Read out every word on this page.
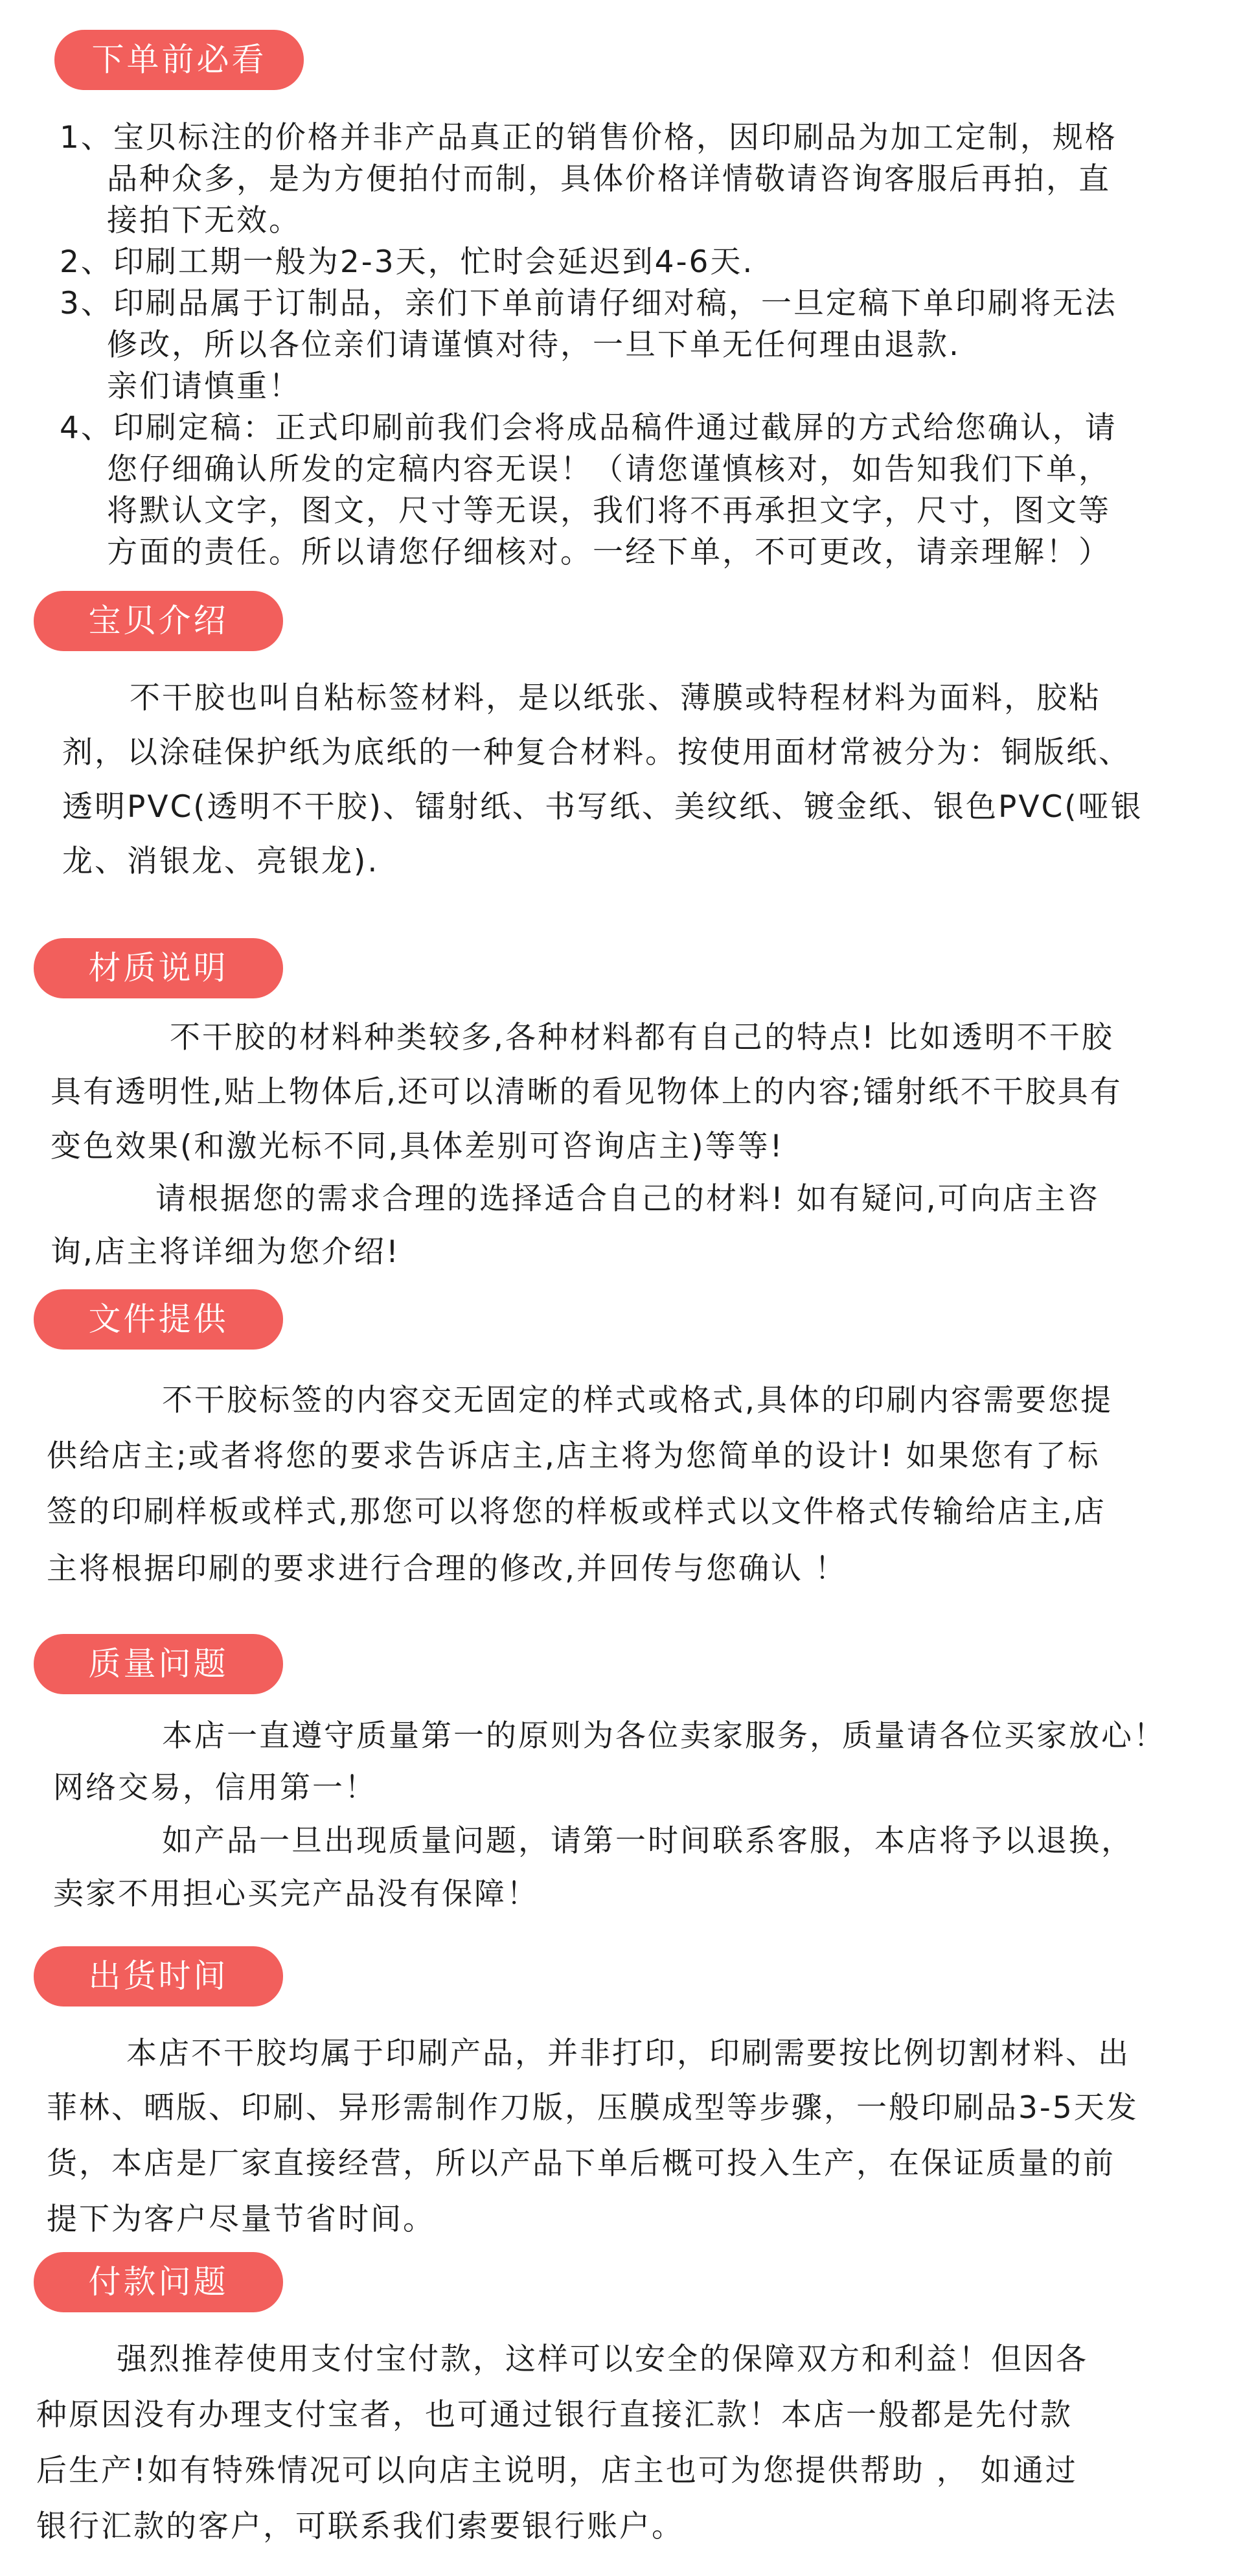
下单前必看
1、宝贝标注的价格并非产品真正的销售价格，因印刷品为加工定制，规格
品种众多，是为方便拍付而制，具体价格详情敬请咨询客服后再拍，直
接拍下无效。
2、印刷工期一般为2-3天，忙时会延迟到4-6天.
3、印刷品属于订制品，亲们下单前请仔细对稿，一旦定稿下单印刷将无法
修改，所以各位亲们请谨慎对待，一旦下单无任何理由退款.
亲们请慎重！
4、印刷定稿：正式印刷前我们会将成品稿件通过截屏的方式给您确认，请
您仔细确认所发的定稿内容无误！（请您谨慎核对，如告知我们下单，
将默认文字，图文，尺寸等无误，我们将不再承担文字，尺寸，图文等
方面的责任。所以请您仔细核对。一经下单，不可更改，请亲理解！）
宝贝介绍
不干胶也叫自粘标签材料，是以纸张、薄膜或特程材料为面料，胶粘
剂，以涂硅保护纸为底纸的一种复合材料。按使用面材常被分为：铜版纸、
透明PVC(透明不干胶)、镭射纸、书写纸、美纹纸、镀金纸、银色PVC(哑银
龙、消银龙、亮银龙).
材质说明
不干胶的材料种类较多,各种材料都有自己的特点! 比如透明不干胶
具有透明性,贴上物体后,还可以清晰的看见物体上的内容;镭射纸不干胶具有
变色效果(和激光标不同,具体差别可咨询店主)等等!
请根据您的需求合理的选择适合自己的材料! 如有疑问,可向店主咨
询,店主将详细为您介绍!
文件提供
不干胶标签的内容交无固定的样式或格式,具体的印刷内容需要您提
供给店主;或者将您的要求告诉店主,店主将为您简单的设计! 如果您有了标
签的印刷样板或样式,那您可以将您的样板或样式以文件格式传输给店主,店
主将根据印刷的要求进行合理的修改,并回传与您确认 ！
质量问题
本店一直遵守质量第一的原则为各位卖家服务，质量请各位买家放心！
网络交易，信用第一！
如产品一旦出现质量问题，请第一时间联系客服，本店将予以退换，
卖家不用担心买完产品没有保障！
出货时间
本店不干胶均属于印刷产品，并非打印，印刷需要按比例切割材料、出
菲林、晒版、印刷、异形需制作刀版，压膜成型等步骤，一般印刷品3-5天发
货，本店是厂家直接经营，所以产品下单后概可投入生产，在保证质量的前
提下为客户尽量节省时间。
付款问题
强烈推荐使用支付宝付款，这样可以安全的保障双方和利益！但因各
种原因没有办理支付宝者，也可通过银行直接汇款！本店一般都是先付款
后生产!如有特殊情况可以向店主说明，店主也可为您提供帮助 ， 如通过
银行汇款的客户，可联系我们索要银行账户。
